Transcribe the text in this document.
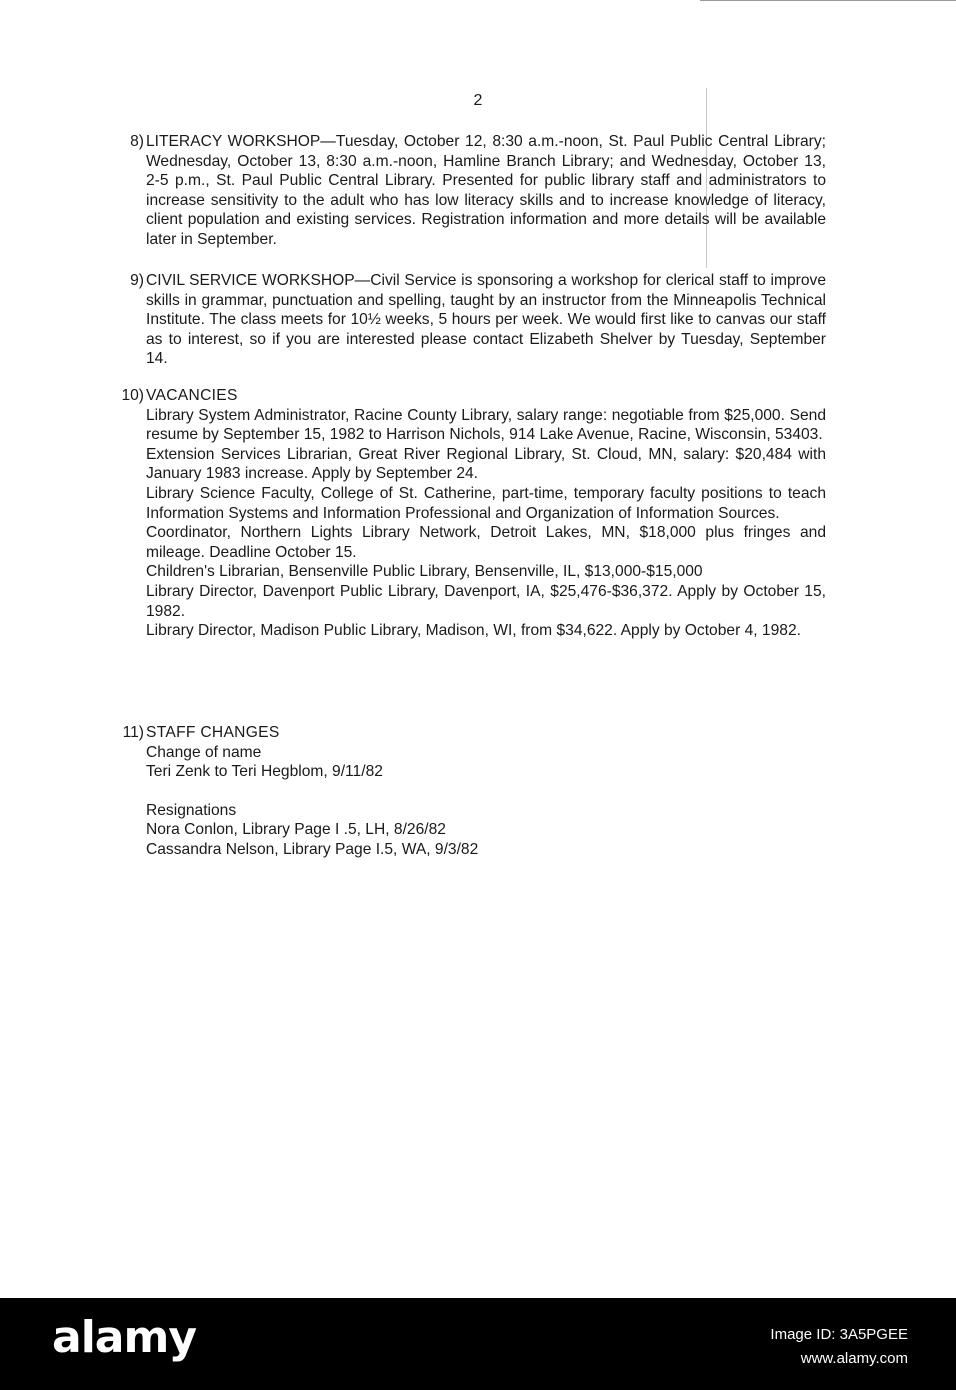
2
8) LITERACY WORKSHOP—Tuesday, October 12, 8:30 a.m.-noon, St. Paul Public Central Library; Wednesday, October 13, 8:30 a.m.-noon, Hamline Branch Library; and Wednesday, October 13, 2-5 p.m., St. Paul Public Central Library. Presented for public library staff and administrators to increase sensitivity to the adult who has low literacy skills and to increase knowledge of literacy, client population and existing services. Registration information and more details will be available later in September.

9) CIVIL SERVICE WORKSHOP—Civil Service is sponsoring a workshop for clerical staff to improve skills in grammar, punctuation and spelling, taught by an instructor from the Minneapolis Technical Institute. The class meets for 10½ weeks, 5 hours per week. We would first like to canvas our staff as to interest, so if you are interested please contact Elizabeth Shelver by Tuesday, September 14.

10) VACANCIES

Library System Administrator, Racine County Library, salary range: negotiable from $25,000. Send resume by September 15, 1982 to Harrison Nichols, 914 Lake Avenue, Racine, Wisconsin, 53403.

Extension Services Librarian, Great River Regional Library, St. Cloud, MN, salary: $20,484 with January 1983 increase. Apply by September 24.

Library Science Faculty, College of St. Catherine, part-time, temporary faculty positions to teach Information Systems and Information Professional and Organization of Information Sources.

Coordinator, Northern Lights Library Network, Detroit Lakes, MN, $18,000 plus fringes and mileage. Deadline October 15.

Children's Librarian, Bensenville Public Library, Bensenville, IL, $13,000-$15,000

Library Director, Davenport Public Library, Davenport, IA, $25,476-$36,372. Apply by October 15, 1982.

Library Director, Madison Public Library, Madison, WI, from $34,622. Apply by October 4, 1982.

11) STAFF CHANGES

Change of name

Teri Zenk to Teri Hegblom, 9/11/82

Resignations

Nora Conlon, Library Page I .5, LH, 8/26/82

Cassandra Nelson, Library Page I.5, WA, 9/3/82

alamy	Image ID: 3A5PGEE
www.alamy.com
